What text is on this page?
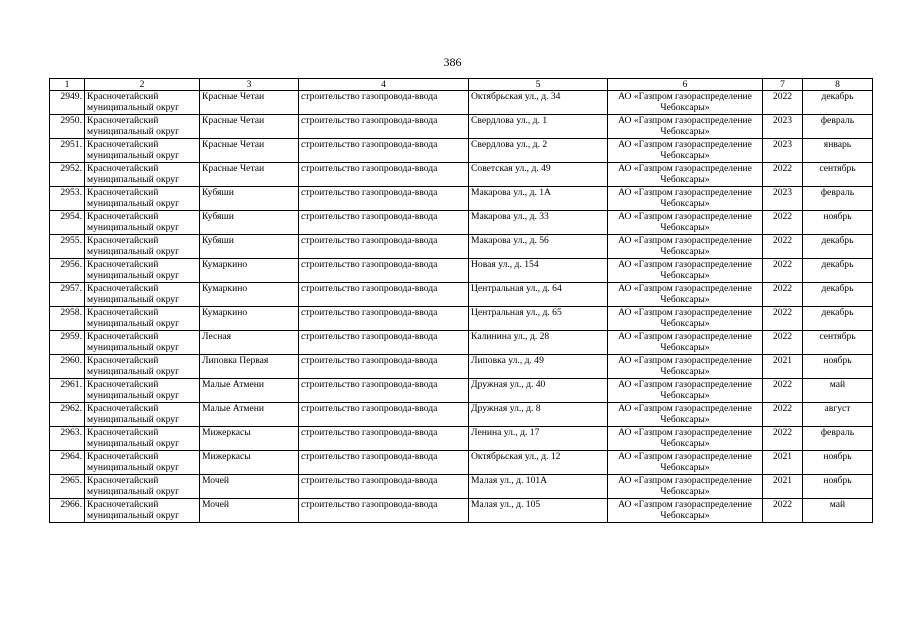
386
1	2	3	4	5	6	7	8
2949.	Красночетайский муниципальный округ	Красные Четаи	строительство газопровода-ввода	Октябрьская ул., д. 34	АО «Газпром газораспределение Чебоксары»	2022	декабрь
2950.	Красночетайский муниципальный округ	Красные Четаи	строительство газопровода-ввода	Свердлова ул., д. 1	АО «Газпром газораспределение Чебоксары»	2023	февраль
2951.	Красночетайский муниципальный округ	Красные Четаи	строительство газопровода-ввода	Свердлова ул., д. 2	АО «Газпром газораспределение Чебоксары»	2023	январь
2952.	Красночетайский муниципальный округ	Красные Четаи	строительство газопровода-ввода	Советская ул., д. 49	АО «Газпром газораспределение Чебоксары»	2022	сентябрь
2953.	Красночетайский муниципальный округ	Кубяши	строительство газопровода-ввода	Макарова ул., д. 1А	АО «Газпром газораспределение Чебоксары»	2023	февраль
2954.	Красночетайский муниципальный округ	Кубяши	строительство газопровода-ввода	Макарова ул., д. 33	АО «Газпром газораспределение Чебоксары»	2022	ноябрь
2955.	Красночетайский муниципальный округ	Кубяши	строительство газопровода-ввода	Макарова ул., д. 56	АО «Газпром газораспределение Чебоксары»	2022	декабрь
2956.	Красночетайский муниципальный округ	Кумаркино	строительство газопровода-ввода	Новая ул., д. 154	АО «Газпром газораспределение Чебоксары»	2022	декабрь
2957.	Красночетайский муниципальный округ	Кумаркино	строительство газопровода-ввода	Центральная ул., д. 64	АО «Газпром газораспределение Чебоксары»	2022	декабрь
2958.	Красночетайский муниципальный округ	Кумаркино	строительство газопровода-ввода	Центральная ул., д. 65	АО «Газпром газораспределение Чебоксары»	2022	декабрь
2959.	Красночетайский муниципальный округ	Лесная	строительство газопровода-ввода	Калинина ул., д. 28	АО «Газпром газораспределение Чебоксары»	2022	сентябрь
2960.	Красночетайский муниципальный округ	Липовка Первая	строительство газопровода-ввода	Липовка ул., д. 49	АО «Газпром газораспределение Чебоксары»	2021	ноябрь
2961.	Красночетайский муниципальный округ	Малые Атмени	строительство газопровода-ввода	Дружная ул., д. 40	АО «Газпром газораспределение Чебоксары»	2022	май
2962.	Красночетайский муниципальный округ	Малые Атмени	строительство газопровода-ввода	Дружная ул., д. 8	АО «Газпром газораспределение Чебоксары»	2022	август
2963.	Красночетайский муниципальный округ	Мижеркасы	строительство газопровода-ввода	Ленина ул., д. 17	АО «Газпром газораспределение Чебоксары»	2022	февраль
2964.	Красночетайский муниципальный округ	Мижеркасы	строительство газопровода-ввода	Октябрьская ул., д. 12	АО «Газпром газораспределение Чебоксары»	2021	ноябрь
2965.	Красночетайский муниципальный округ	Мочей	строительство газопровода-ввода	Малая ул., д. 101А	АО «Газпром газораспределение Чебоксары»	2021	ноябрь
2966.	Красночетайский муниципальный округ	Мочей	строительство газопровода-ввода	Малая ул., д. 105	АО «Газпром газораспределение Чебоксары»	2022	май
